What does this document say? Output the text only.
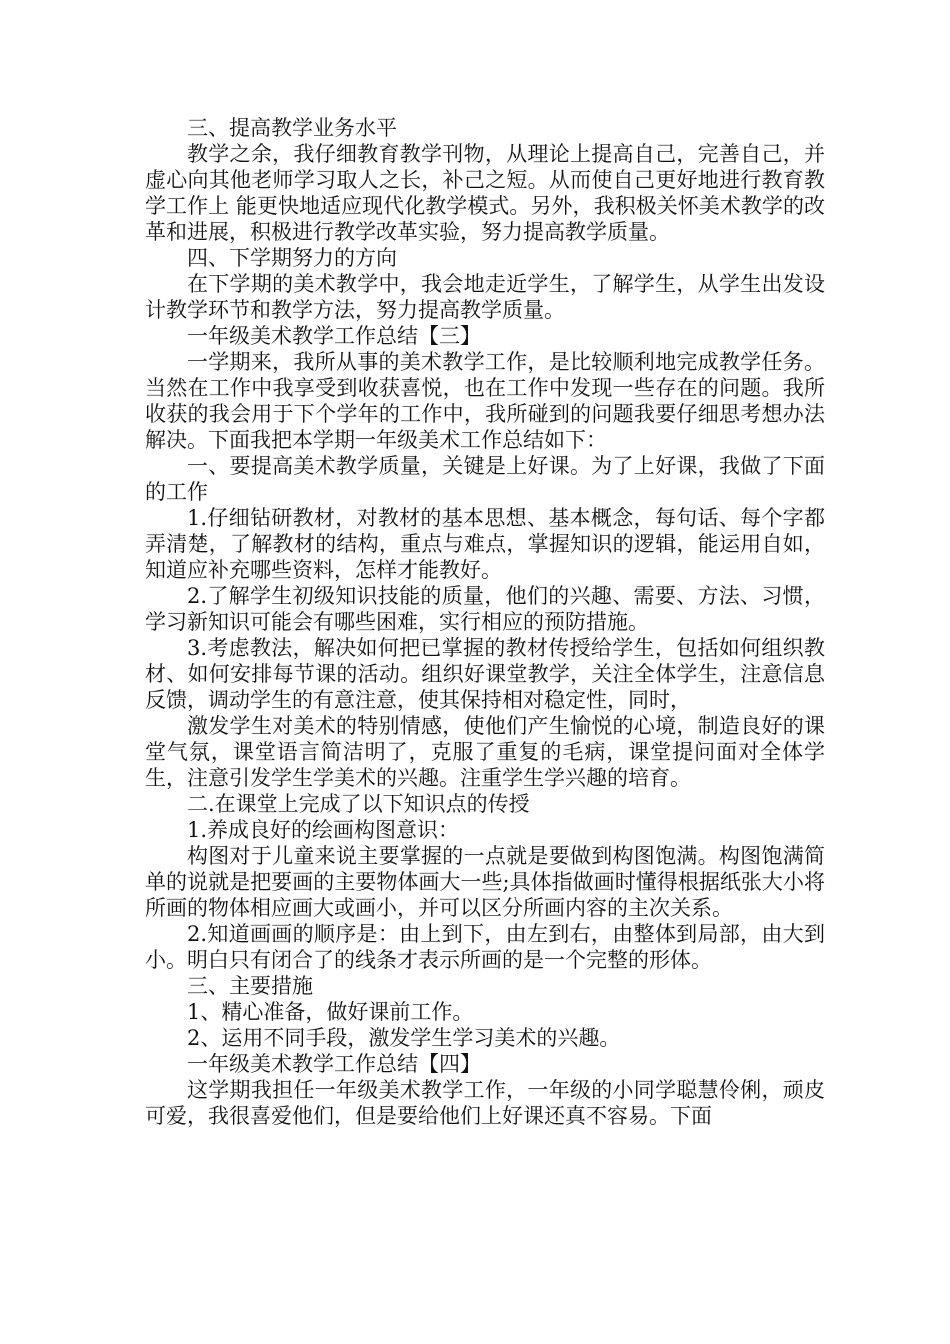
三、提高教学业务水平

教学之余，我仔细教育教学刊物，从理论上提高自己，完善自己，并虚心向其他老师学习取人之长，补己之短。从而使自己更好地进行教育教学工作上 能更快地适应现代化教学模式。另外，我积极关怀美术教学的改革和进展，积极进行教学改革实验，努力提高教学质量。

四、下学期努力的方向

在下学期的美术教学中，我会地走近学生，了解学生，从学生出发设计教学环节和教学方法，努力提高教学质量。

一年级美术教学工作总结【三】

一学期来，我所从事的美术教学工作，是比较顺利地完成教学任务。当然在工作中我享受到收获喜悦，也在工作中发现一些存在的问题。我所收获的我会用于下个学年的工作中，我所碰到的问题我要仔细思考想办法解决。下面我把本学期一年级美术工作总结如下：

一、要提高美术教学质量，关键是上好课。为了上好课，我做了下面的工作

1.仔细钻研教材，对教材的基本思想、基本概念，每句话、每个字都弄清楚，了解教材的结构，重点与难点，掌握知识的逻辑，能运用自如，知道应补充哪些资料，怎样才能教好。

2.了解学生初级知识技能的质量，他们的兴趣、需要、方法、习惯，学习新知识可能会有哪些困难，实行相应的预防措施。

3.考虑教法，解决如何把已掌握的教材传授给学生，包括如何组织教材、如何安排每节课的活动。组织好课堂教学，关注全体学生，注意信息反馈，调动学生的有意注意，使其保持相对稳定性，同时，

激发学生对美术的特别情感，使他们产生愉悦的心境，制造良好的课堂气氛，课堂语言简洁明了，克服了重复的毛病，课堂提问面对全体学生，注意引发学生学美术的兴趣。注重学生学兴趣的培育。

二.在课堂上完成了以下知识点的传授

1.养成良好的绘画构图意识：

构图对于儿童来说主要掌握的一点就是要做到构图饱满。构图饱满简单的说就是把要画的主要物体画大一些;具体指做画时懂得根据纸张大小将所画的物体相应画大或画小，并可以区分所画内容的主次关系。

2.知道画画的顺序是：由上到下，由左到右，由整体到局部，由大到小。明白只有闭合了的线条才表示所画的是一个完整的形体。

三、主要措施

1、精心准备，做好课前工作。

2、运用不同手段，激发学生学习美术的兴趣。

一年级美术教学工作总结【四】

这学期我担任一年级美术教学工作，一年级的小同学聪慧伶俐，顽皮可爱，我很喜爱他们，但是要给他们上好课还真不容易。下面
